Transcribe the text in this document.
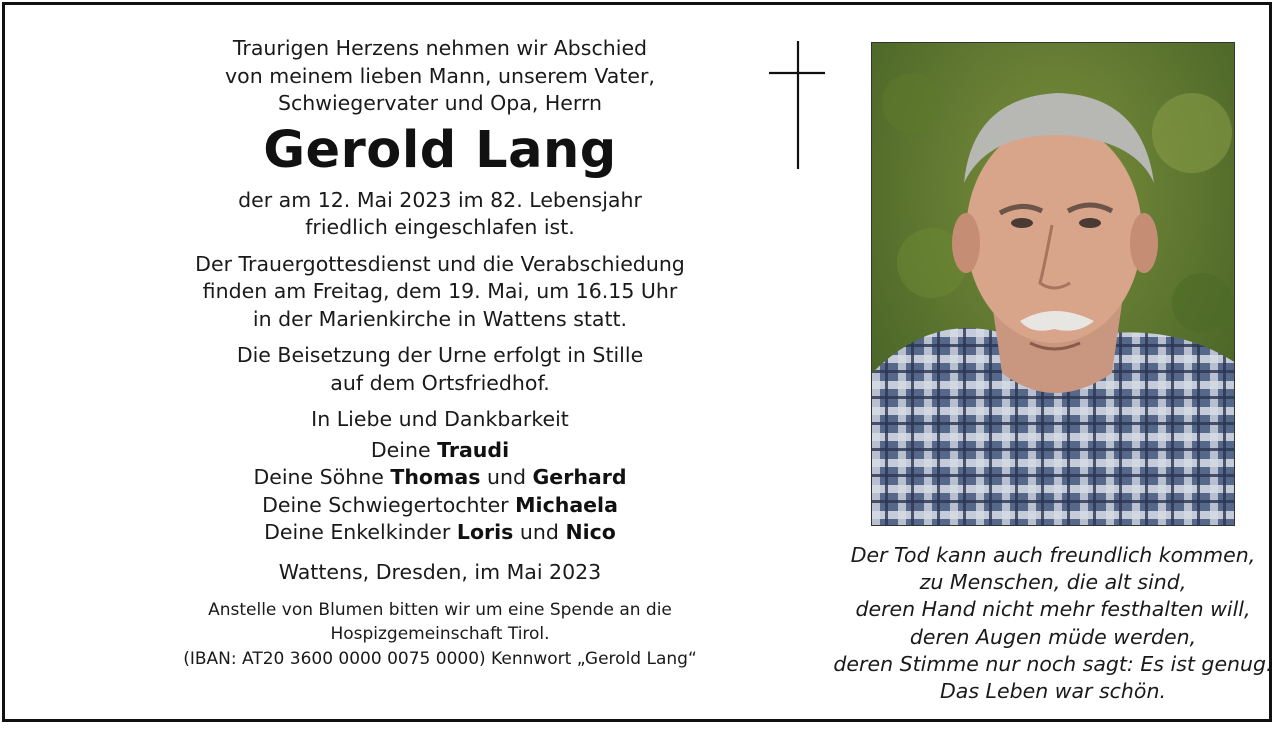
Traurigen Herzens nehmen wir Abschied
von meinem lieben Mann, unserem Vater,
Schwiegervater und Opa, Herrn
Gerold Lang
der am 12. Mai 2023 im 82. Lebensjahr
friedlich eingeschlafen ist.
Der Trauergottesdienst und die Verabschiedung
finden am Freitag, dem 19. Mai, um 16.15 Uhr
in der Marienkirche in Wattens statt.
Die Beisetzung der Urne erfolgt in Stille
auf dem Ortsfriedhof.
In Liebe und Dankbarkeit
Deine Traudi
Deine Söhne Thomas und Gerhard
Deine Schwiegertochter Michaela
Deine Enkelkinder Loris und Nico
Wattens, Dresden, im Mai 2023
Anstelle von Blumen bitten wir um eine Spende an die
Hospizgemeinschaft Tirol.
(IBAN: AT20 3600 0000 0075 0000) Kennwort „Gerold Lang“
Der Tod kann auch freundlich kommen,
zu Menschen, die alt sind,
deren Hand nicht mehr festhalten will,
deren Augen müde werden,
deren Stimme nur noch sagt: Es ist genug.
Das Leben war schön.
